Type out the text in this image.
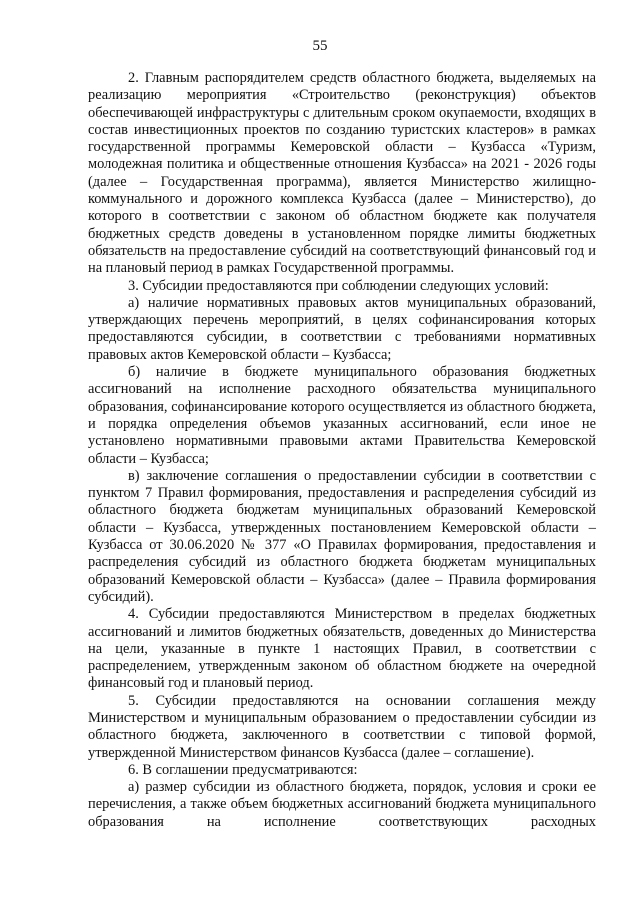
55

2. Главным распорядителем средств областного бюджета, выделяемых на реализацию мероприятия «Строительство (реконструкция) объектов обеспечивающей инфраструктуры с длительным сроком окупаемости, входящих в состав инвестиционных проектов по созданию туристских кластеров» в рамках государственной программы Кемеровской области – Кузбасса «Туризм, молодежная политика и общественные отношения Кузбасса» на 2021 - 2026 годы (далее – Государственная программа), является Министерство жилищно-коммунального и дорожного комплекса Кузбасса (далее – Министерство), до которого в соответствии с законом об областном бюджете как получателя бюджетных средств доведены в установленном порядке лимиты бюджетных обязательств на предоставление субсидий на соответствующий финансовый год и на плановый период в рамках Государственной программы.

3. Субсидии предоставляются при соблюдении следующих условий:

а) наличие нормативных правовых актов муниципальных образований, утверждающих перечень мероприятий, в целях софинансирования которых предоставляются субсидии, в соответствии с требованиями нормативных правовых актов Кемеровской области – Кузбасса;

б) наличие в бюджете муниципального образования бюджетных ассигнований на исполнение расходного обязательства муниципального образования, софинансирование которого осуществляется из областного бюджета, и порядка определения объемов указанных ассигнований, если иное не установлено нормативными правовыми актами Правительства Кемеровской области – Кузбасса;

в) заключение соглашения о предоставлении субсидии в соответствии с пунктом 7 Правил формирования, предоставления и распределения субсидий из областного бюджета бюджетам муниципальных образований Кемеровской области – Кузбасса, утвержденных постановлением Кемеровской области – Кузбасса от 30.06.2020 № 377 «О Правилах формирования, предоставления и распределения субсидий из областного бюджета бюджетам муниципальных образований Кемеровской области – Кузбасса» (далее – Правила формирования субсидий).

4. Субсидии предоставляются Министерством в пределах бюджетных ассигнований и лимитов бюджетных обязательств, доведенных до Министерства на цели, указанные в пункте 1 настоящих Правил, в соответствии с распределением, утвержденным законом об областном бюджете на очередной финансовый год и плановый период.

5. Субсидии предоставляются на основании соглашения между Министерством и муниципальным образованием о предоставлении субсидии из областного бюджета, заключенного в соответствии с типовой формой, утвержденной Министерством финансов Кузбасса (далее – соглашение).

6. В соглашении предусматриваются:

а) размер субсидии из областного бюджета, порядок, условия и сроки ее перечисления, а также объем бюджетных ассигнований бюджета муниципального образования на исполнение соответствующих расходных
